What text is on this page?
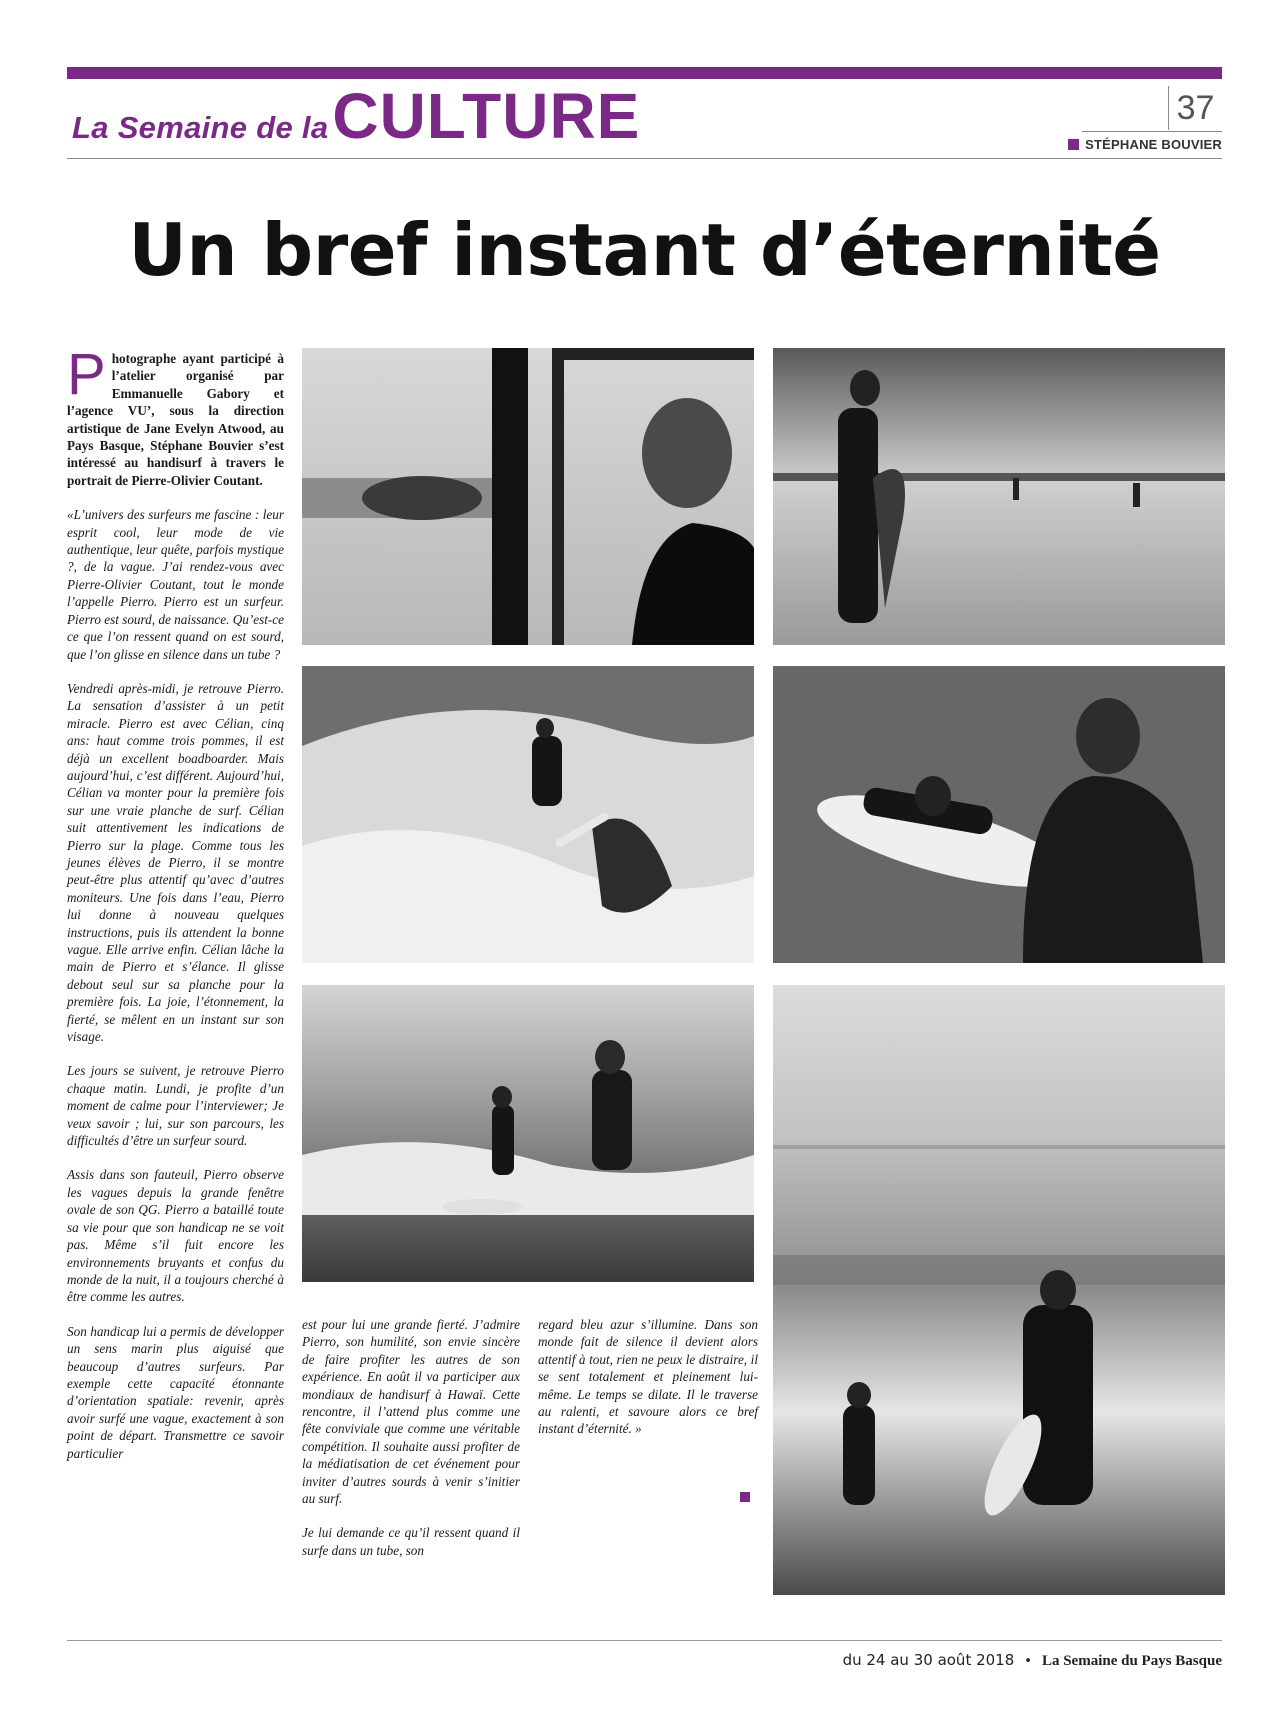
La Semaine de la CULTURE	37
STÉPHANE BOUVIER
Un bref instant d’éternité

Photographe ayant participé à l’atelier organisé par Emmanuelle Gabory et l’agence VU’, sous la direction artistique de Jane Evelyn Atwood, au Pays Basque, Stéphane Bouvier s’est intéressé au handisurf à travers le portrait de Pierre-Olivier Coutant.

«L’univers des surfeurs me fascine : leur esprit cool, leur mode de vie authentique, leur quête, parfois mystique ?, de la vague. J’ai rendez-vous avec Pierre-Olivier Coutant, tout le monde l’appelle Pierro. Pierro est un surfeur. Pierro est sourd, de naissance. Qu’est-ce ce que l’on ressent quand on est sourd, que l’on glisse en silence dans un tube ?

Vendredi après-midi, je retrouve Pierro. La sensation d’assister à un petit miracle. Pierro est avec Célian, cinq ans: haut comme trois pommes, il est déjà un excellent boadboarder. Mais aujourd’hui, c’est différent. Aujourd’hui, Célian va monter pour la première fois sur une vraie planche de surf. Célian suit attentivement les indications de Pierro sur la plage. Comme tous les jeunes élèves de Pierro, il se montre peut-être plus attentif qu’avec d’autres moniteurs. Une fois dans l’eau, Pierro lui donne à nouveau quelques instructions, puis ils attendent la bonne vague. Elle arrive enfin. Célian lâche la main de Pierro et s’élance. Il glisse debout seul sur sa planche pour la première fois. La joie, l’étonnement, la fierté, se mêlent en un instant sur son visage.

Les jours se suivent, je retrouve Pierro chaque matin. Lundi, je profite d’un moment de calme pour l’interviewer; Je veux savoir ; lui, sur son parcours, les difficultés d’être un surfeur sourd.

Assis dans son fauteuil, Pierro observe les vagues depuis la grande fenêtre ovale de son QG. Pierro a bataillé toute sa vie pour que son handicap ne se voit pas. Même s’il fuit encore les environnements bruyants et confus du monde de la nuit, il a toujours cherché à être comme les autres.

Son handicap lui a permis de développer un sens marin plus aiguisé que beaucoup d’autres surfeurs. Par exemple cette capacité étonnante d’orientation spatiale: revenir, après avoir surfé une vague, exactement à son point de départ. Transmettre ce savoir particulier

est pour lui une grande fierté. J’admire Pierro, son humilité, son envie sincère de faire profiter les autres de son expérience. En août il va participer aux mondiaux de handisurf à Hawaï. Cette rencontre, il l’attend plus comme une fête conviviale que comme une véritable compétition. Il souhaite aussi profiter de la médiatisation de cet événement pour inviter d’autres sourds à venir s’initier au surf.

Je lui demande ce qu’il ressent quand il surfe dans un tube, son

regard bleu azur s’illumine. Dans son monde fait de silence il devient alors attentif à tout, rien ne peux le distraire, il se sent totalement et pleinement lui-même. Le temps se dilate. Il le traverse au ralenti, et savoure alors ce bref instant d’éternité. »

du 24 au 30 août 2018 • La Semaine du Pays Basque
